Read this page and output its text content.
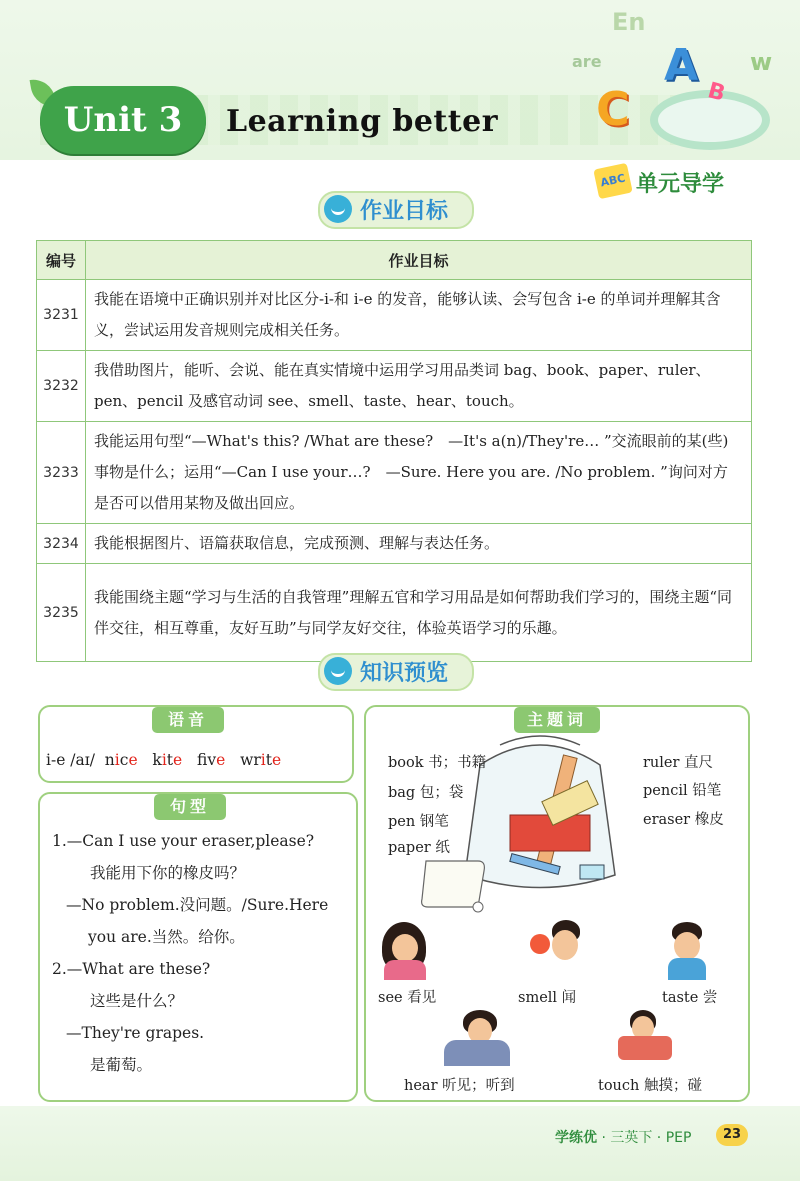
En
are	w
C
A
B
Unit 3	Learning better
ABC 单元导学
作业目标
编号	作业目标
3231	我能在语境中正确识别并对比区分-i-和 i-e 的发音，能够认读、会写包含 i-e 的单词并理解其含义，尝试运用发音规则完成相关任务。
3232	我借助图片，能听、会说、能在真实情境中运用学习用品类词 bag、book、paper、ruler、pen、pencil 及感官动词 see、smell、taste、hear、touch。
3233	我能运用句型“—What's this? /What are these?　—It's a(n)/They're… ”交流眼前的某(些)事物是什么；运用“—Can I use your…?　—Sure. Here you are. /No problem. ”询问对方是否可以借用某物及做出回应。
3234	我能根据图片、语篇获取信息，完成预测、理解与表达任务。
3235	我能围绕主题“学习与生活的自我管理”理解五官和学习用品是如何帮助我们学习的，围绕主题“同伴交往，相互尊重，友好互助”与同学友好交往，体验英语学习的乐趣。
知识预览
语音
i-e /aɪ/ nice kite fve write
句型
1.—Can I use your eraser,please?
我能用下你的橡皮吗？
—No problem.没问题。/Sure.Here
you are.当然。给你。
2.—What are these?
这些是什么？
—They're grapes.
是葡萄。
主题词
book 书；书籍
bag 包；袋
pen 钢笔
paper 纸
ruler 直尺
pencil 铅笔
eraser 橡皮
see 看见	smell 闻	taste 尝
hear 听见；听到	touch 触摸；碰
学练优 · 三英下 · PEP	23
